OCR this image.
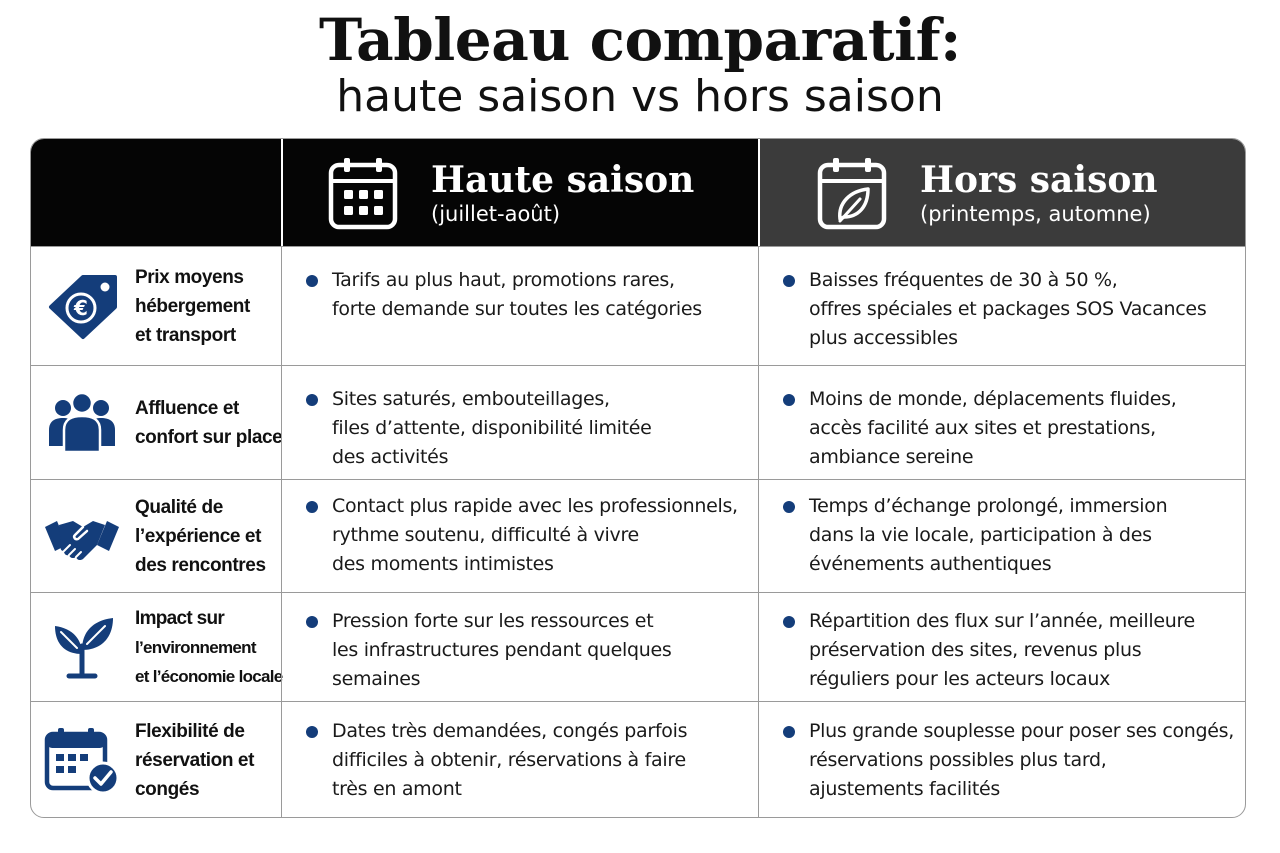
Tableau comparatif:
haute saison vs hors saison
Haute saison
(juillet-août)
Hors saison
(printemps, automne)
€
Prix moyens
hébergement
et transport
Tarifs au plus haut, promotions rares,
forte demande sur toutes les catégories
Baisses fréquentes de 30 à 50 %,
offres spéciales et packages SOS Vacances
plus accessibles
Affluence et
confort sur place
Sites saturés, embouteillages,
files d’attente, disponibilité limitée
des activités
Moins de monde, déplacements fluides,
accès facilité aux sites et prestations,
ambiance sereine
Qualité de
l’expérience et
des rencontres
Contact plus rapide avec les professionnels,
rythme soutenu, difficulté à vivre
des moments intimistes
Temps d’échange prolongé, immersion
dans la vie locale, participation à des
événements authentiques
Impact sur
l’environnement
et l’économie locale
Pression forte sur les ressources et
les infrastructures pendant quelques
semaines
Répartition des flux sur l’année, meilleure
préservation des sites, revenus plus
réguliers pour les acteurs locaux
Flexibilité de
réservation et
congés
Dates très demandées, congés parfois
difficiles à obtenir, réservations à faire
très en amont
Plus grande souplesse pour poser ses congés,
réservations possibles plus tard,
ajustements facilités
